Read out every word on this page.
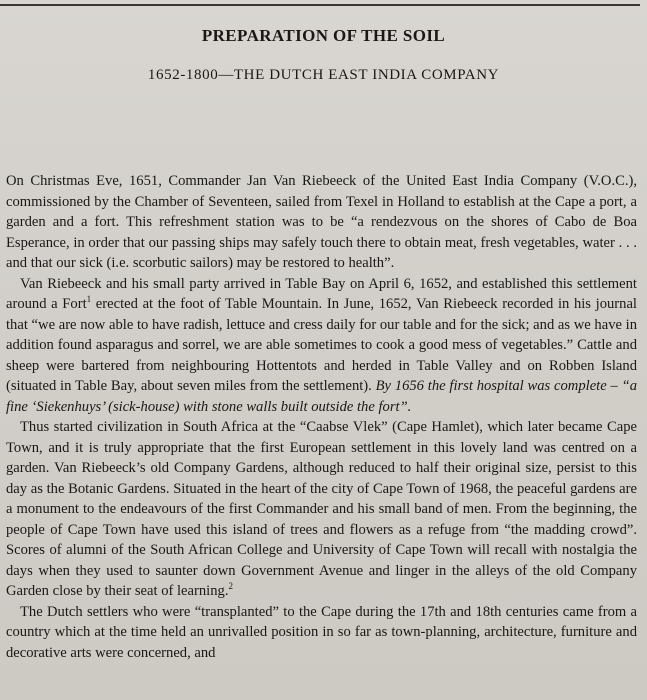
PREPARATION OF THE SOIL
1652-1800—THE DUTCH EAST INDIA COMPANY

On Christmas Eve, 1651, Commander Jan Van Riebeeck of the United East India Company (V.O.C.), commissioned by the Chamber of Seventeen, sailed from Texel in Holland to establish at the Cape a port, a garden and a fort. This refreshment station was to be “a rendezvous on the shores of Cabo de Boa Esperance, in order that our passing ships may safely touch there to obtain meat, fresh vegetables, water . . . and that our sick (i.e. scorbutic sailors) may be restored to health”.

Van Riebeeck and his small party arrived in Table Bay on April 6, 1652, and established this settlement around a Fort$^1$ erected at the foot of Table Mountain. In June, 1652, Van Riebeeck recorded in his journal that “we are now able to have radish, lettuce and cress daily for our table and for the sick; and as we have in addition found asparagus and sorrel, we are able sometimes to cook a good mess of vegetables.” Cattle and sheep were bartered from neighbouring Hottentots and herded in Table Valley and on Robben Island (situated in Table Bay, about seven miles from the settlement). By 1656 the first hospital was complete – “a fine ‘Siekenhuys’ (sick-house) with stone walls built outside the fort”.

Thus started civilization in South Africa at the “Caabse Vlek” (Cape Hamlet), which later became Cape Town, and it is truly appropriate that the first European settlement in this lovely land was centred on a garden. Van Riebeeck’s old Company Gardens, although reduced to half their original size, persist to this day as the Botanic Gardens. Situated in the heart of the city of Cape Town of 1968, the peaceful gardens are a monument to the endeavours of the first Commander and his small band of men. From the beginning, the people of Cape Town have used this island of trees and flowers as a refuge from “the madding crowd”. Scores of alumni of the South African College and University of Cape Town will recall with nostalgia the days when they used to saunter down Government Avenue and linger in the alleys of the old Company Garden close by their seat of learning.$^2$

The Dutch settlers who were “transplanted” to the Cape during the 17th and 18th centuries came from a country which at the time held an unrivalled position in so far as town-planning, architecture, furniture and decorative arts were concerned, and
